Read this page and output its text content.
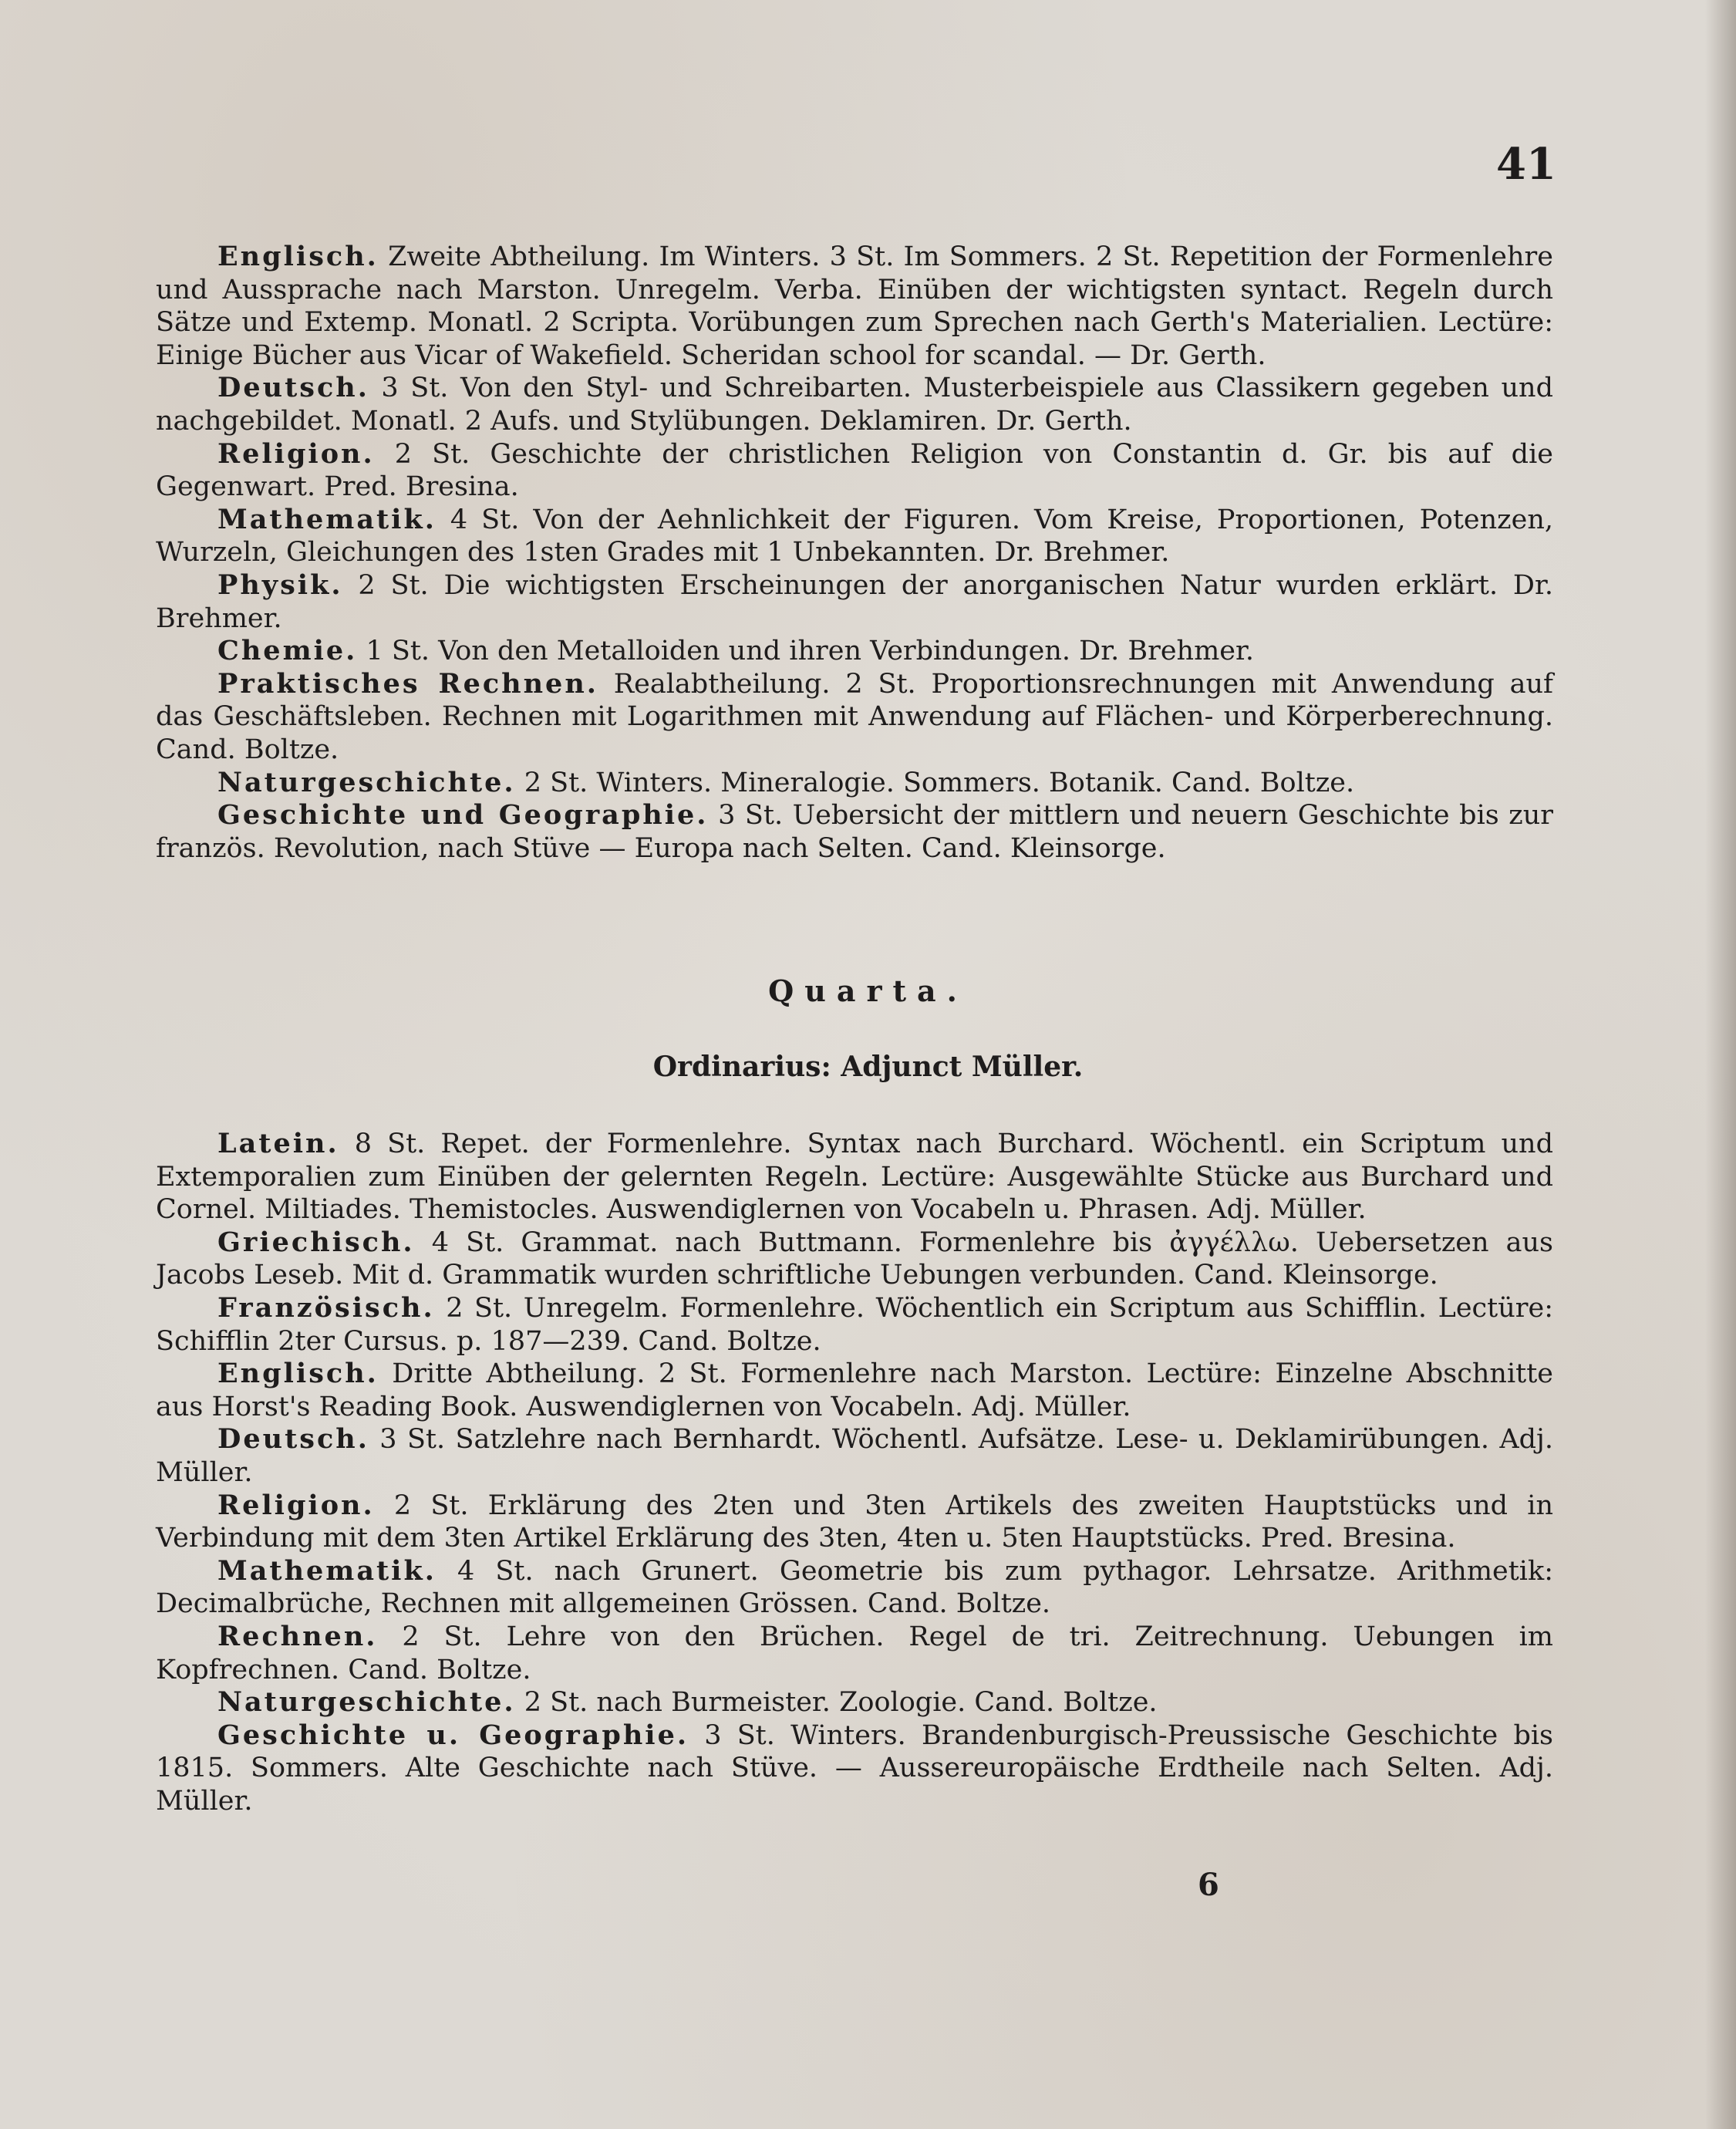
41

Englisch. Zweite Abtheilung. Im Winters. 3 St. Im Sommers. 2 St. Repetition der Formenlehre und Aussprache nach Marston. Unregelm. Verba. Einüben der wichtigsten syntact. Regeln durch Sätze und Extemp. Monatl. 2 Scripta. Vorübungen zum Sprechen nach Gerth's Materialien. Lectüre: Einige Bücher aus Vicar of Wakefield. Scheridan school for scandal. — Dr. Gerth.

Deutsch. 3 St. Von den Styl- und Schreibarten. Musterbeispiele aus Classikern gegeben und nachgebildet. Monatl. 2 Aufs. und Stylübungen. Deklamiren. Dr. Gerth.

Religion. 2 St. Geschichte der christlichen Religion von Constantin d. Gr. bis auf die Gegenwart. Pred. Bresina.

Mathematik. 4 St. Von der Aehnlichkeit der Figuren. Vom Kreise, Proportionen, Potenzen, Wurzeln, Gleichungen des 1sten Grades mit 1 Unbekannten. Dr. Brehmer.

Physik. 2 St. Die wichtigsten Erscheinungen der anorganischen Natur wurden erklärt. Dr. Brehmer.

Chemie. 1 St. Von den Metalloiden und ihren Verbindungen. Dr. Brehmer.

Praktisches Rechnen. Realabtheilung. 2 St. Proportionsrechnungen mit Anwendung auf das Geschäftsleben. Rechnen mit Logarithmen mit Anwendung auf Flächen- und Körperberechnung. Cand. Boltze.

Naturgeschichte. 2 St. Winters. Mineralogie. Sommers. Botanik. Cand. Boltze.

Geschichte und Geographie. 3 St. Uebersicht der mittlern und neuern Geschichte bis zur französ. Revolution, nach Stüve — Europa nach Selten. Cand. Kleinsorge.

Quarta.
Ordinarius: Adjunct Müller.

Latein. 8 St. Repet. der Formenlehre. Syntax nach Burchard. Wöchentl. ein Scriptum und Extemporalien zum Einüben der gelernten Regeln. Lectüre: Ausgewählte Stücke aus Burchard und Cornel. Miltiades. Themistocles. Auswendiglernen von Vocabeln u. Phrasen. Adj. Müller.

Griechisch. 4 St. Grammat. nach Buttmann. Formenlehre bis ἀγγέλλω. Uebersetzen aus Jacobs Leseb. Mit d. Grammatik wurden schriftliche Uebungen verbunden. Cand. Kleinsorge.

Französisch. 2 St. Unregelm. Formenlehre. Wöchentlich ein Scriptum aus Schifflin. Lectüre: Schifflin 2ter Cursus. p. 187—239. Cand. Boltze.

Englisch. Dritte Abtheilung. 2 St. Formenlehre nach Marston. Lectüre: Einzelne Abschnitte aus Horst's Reading Book. Auswendiglernen von Vocabeln. Adj. Müller.

Deutsch. 3 St. Satzlehre nach Bernhardt. Wöchentl. Aufsätze. Lese- u. Deklamirübungen. Adj. Müller.

Religion. 2 St. Erklärung des 2ten und 3ten Artikels des zweiten Hauptstücks und in Verbindung mit dem 3ten Artikel Erklärung des 3ten, 4ten u. 5ten Hauptstücks. Pred. Bresina.

Mathematik. 4 St. nach Grunert. Geometrie bis zum pythagor. Lehrsatze. Arithmetik: Decimalbrüche, Rechnen mit allgemeinen Grössen. Cand. Boltze.

Rechnen. 2 St. Lehre von den Brüchen. Regel de tri. Zeitrechnung. Uebungen im Kopfrechnen. Cand. Boltze.

Naturgeschichte. 2 St. nach Burmeister. Zoologie. Cand. Boltze.

Geschichte u. Geographie. 3 St. Winters. Brandenburgisch-Preussische Geschichte bis 1815. Sommers. Alte Geschichte nach Stüve. — Aussereuropäische Erdtheile nach Selten. Adj. Müller.

6
